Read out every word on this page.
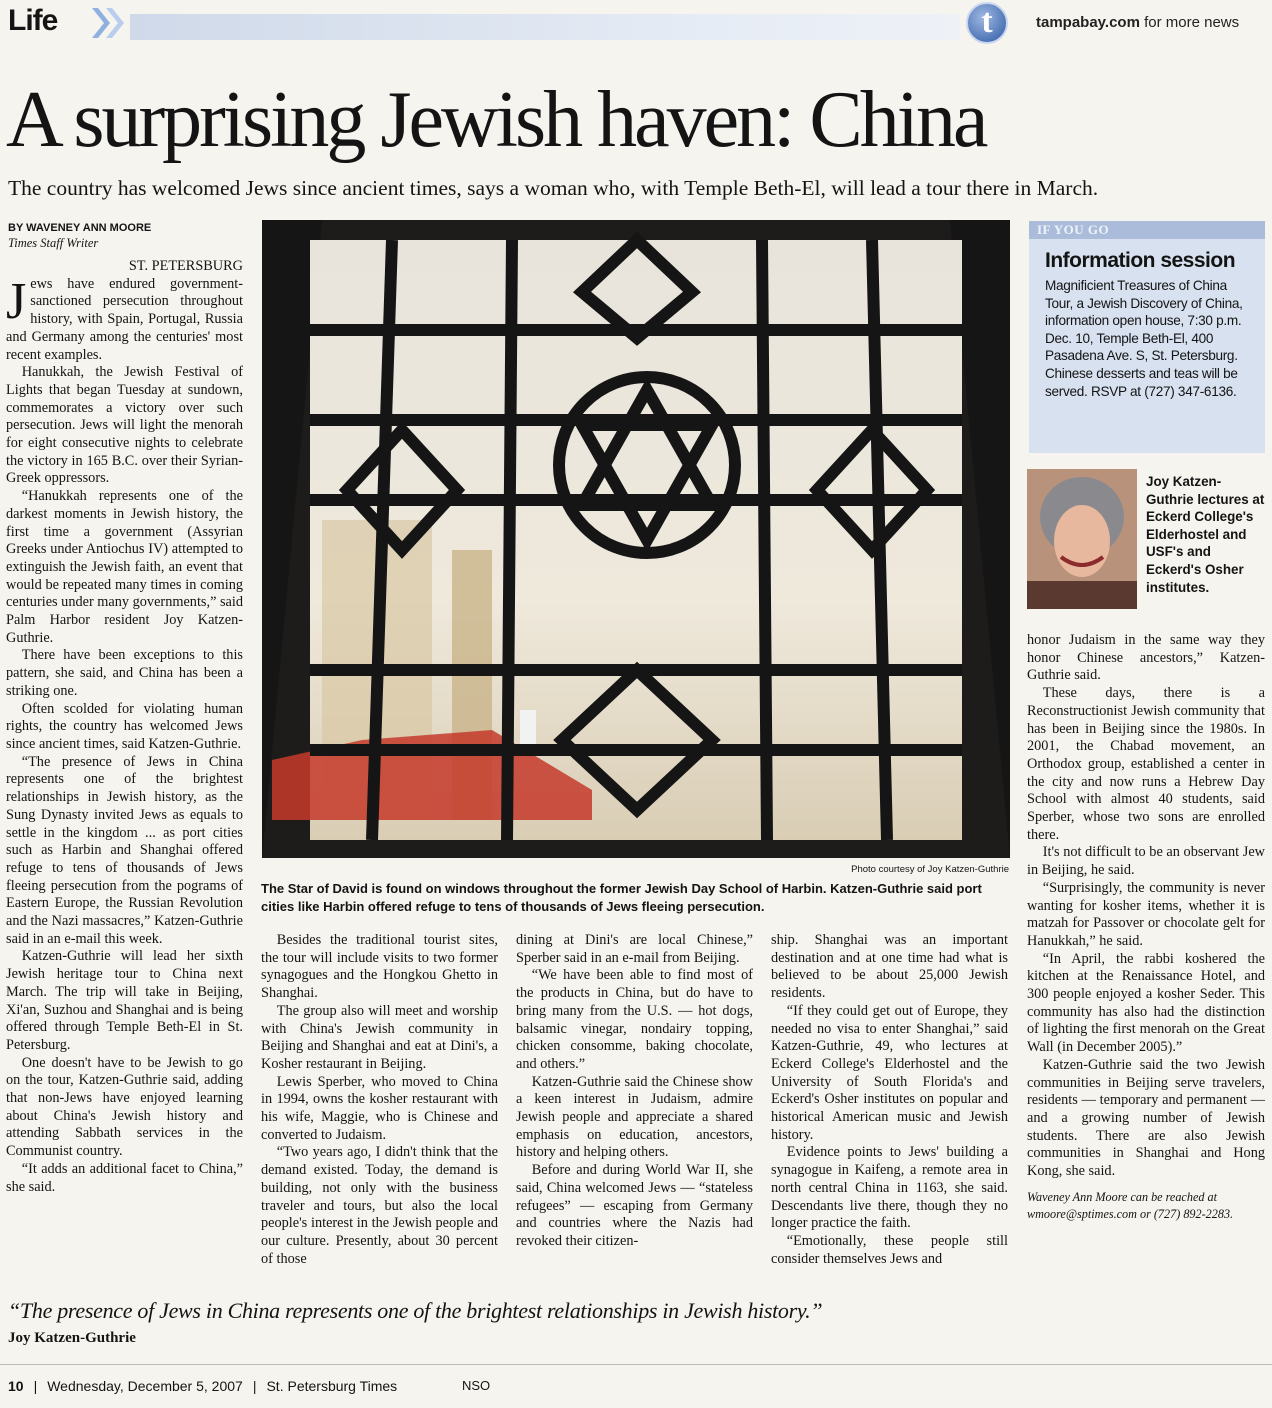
Life	t	tampabay.com for more news
A surprising Jewish haven: China
The country has welcomed Jews since ancient times, says a woman who, with Temple Beth-El, will lead a tour there in March.
BY WAVENEY ANN MOORE
Times Staff Writer

ST. PETERSBURG

Jews have endured government-sanctioned persecution throughout history, with Spain, Portugal, Russia and Germany among the centuries' most recent examples.

Hanukkah, the Jewish Festival of Lights that began Tuesday at sundown, commemorates a victory over such persecution. Jews will light the menorah for eight consecutive nights to celebrate the victory in 165 B.C. over their Syrian-Greek oppressors.

“Hanukkah represents one of the darkest moments in Jewish history, the first time a government (Assyrian Greeks under Antiochus IV) attempted to extinguish the Jewish faith, an event that would be repeated many times in coming centuries under many governments,” said Palm Harbor resident Joy Katzen-Guthrie.

There have been exceptions to this pattern, she said, and China has been a striking one.

Often scolded for violating human rights, the country has welcomed Jews since ancient times, said Katzen-Guthrie.

“The presence of Jews in China represents one of the brightest relationships in Jewish history, as the Sung Dynasty invited Jews as equals to settle in the kingdom ... as port cities such as Harbin and Shanghai offered refuge to tens of thousands of Jews fleeing persecution from the pograms of Eastern Europe, the Russian Revolution and the Nazi massacres,” Katzen-Guthrie said in an e-mail this week.

Katzen-Guthrie will lead her sixth Jewish heritage tour to China next March. The trip will take in Beijing, Xi'an, Suzhou and Shanghai and is being offered through Temple Beth-El in St. Petersburg.

One doesn't have to be Jewish to go on the tour, Katzen-Guthrie said, adding that non-Jews have enjoyed learning about China's Jewish history and attending Sabbath services in the Communist country.

“It adds an additional facet to China,” she said.

Photo courtesy of Joy Katzen-Guthrie
The Star of David is found on windows throughout the former Jewish Day School of Harbin. Katzen-Guthrie said port cities like Harbin offered refuge to tens of thousands of Jews fleeing persecution.

Besides the traditional tourist sites, the tour will include visits to two former synagogues and the Hongkou Ghetto in Shanghai.

The group also will meet and worship with China's Jewish community in Beijing and Shanghai and eat at Dini's, a Kosher restaurant in Beijing.

Lewis Sperber, who moved to China in 1994, owns the kosher restaurant with his wife, Maggie, who is Chinese and converted to Judaism.

“Two years ago, I didn't think that the demand existed. Today, the demand is building, not only with the business traveler and tours, but also the local people's interest in the Jewish people and our culture. Presently, about 30 percent of those

dining at Dini's are local Chinese,” Sperber said in an e-mail from Beijing.

“We have been able to find most of the products in China, but do have to bring many from the U.S. — hot dogs, balsamic vinegar, nondairy topping, chicken consomme, baking chocolate, and others.”

Katzen-Guthrie said the Chinese show a keen interest in Judaism, admire Jewish people and appreciate a shared emphasis on education, ancestors, history and helping others.

Before and during World War II, she said, China welcomed Jews — “stateless refugees” — escaping from Germany and countries where the Nazis had revoked their citizen-

ship. Shanghai was an important destination and at one time had what is believed to be about 25,000 Jewish residents.

“If they could get out of Europe, they needed no visa to enter Shanghai,” said Katzen-Guthrie, 49, who lectures at Eckerd College's Elderhostel and the University of South Florida's and Eckerd's Osher institutes on popular and historical American music and Jewish history.

Evidence points to Jews' building a synagogue in Kaifeng, a remote area in north central China in 1163, she said. Descendants live there, though they no longer practice the faith.

“Emotionally, these people still consider themselves Jews and

IF YOU GO
Information session
Magnificient Treasures of China Tour, a Jewish Discovery of China, information open house, 7:30 p.m. Dec. 10, Temple Beth-El, 400 Pasadena Ave. S, St. Petersburg. Chinese desserts and teas will be served. RSVP at (727) 347-6136.
Joy Katzen-Guthrie lectures at Eckerd College's Elderhostel and USF's and Eckerd's Osher institutes.

honor Judaism in the same way they honor Chinese ancestors,” Katzen-Guthrie said.

These days, there is a Reconstructionist Jewish community that has been in Beijing since the 1980s. In 2001, the Chabad movement, an Orthodox group, established a center in the city and now runs a Hebrew Day School with almost 40 students, said Sperber, whose two sons are enrolled there.

It's not difficult to be an observant Jew in Beijing, he said.

“Surprisingly, the community is never wanting for kosher items, whether it is matzah for Passover or chocolate gelt for Hanukkah,” he said.

“In April, the rabbi koshered the kitchen at the Renaissance Hotel, and 300 people enjoyed a kosher Seder. This community has also had the distinction of lighting the first menorah on the Great Wall (in December 2005).”

Katzen-Guthrie said the two Jewish communities in Beijing serve travelers, residents — temporary and permanent — and a growing number of Jewish students. There are also Jewish communities in Shanghai and Hong Kong, she said.

Waveney Ann Moore can be reached at wmoore@sptimes.com or (727) 892-2283.

“The presence of Jews in China represents one of the brightest relationships in Jewish history.”
Joy Katzen-Guthrie
10 | Wednesday, December 5, 2007 | St. Petersburg Times	NSO
